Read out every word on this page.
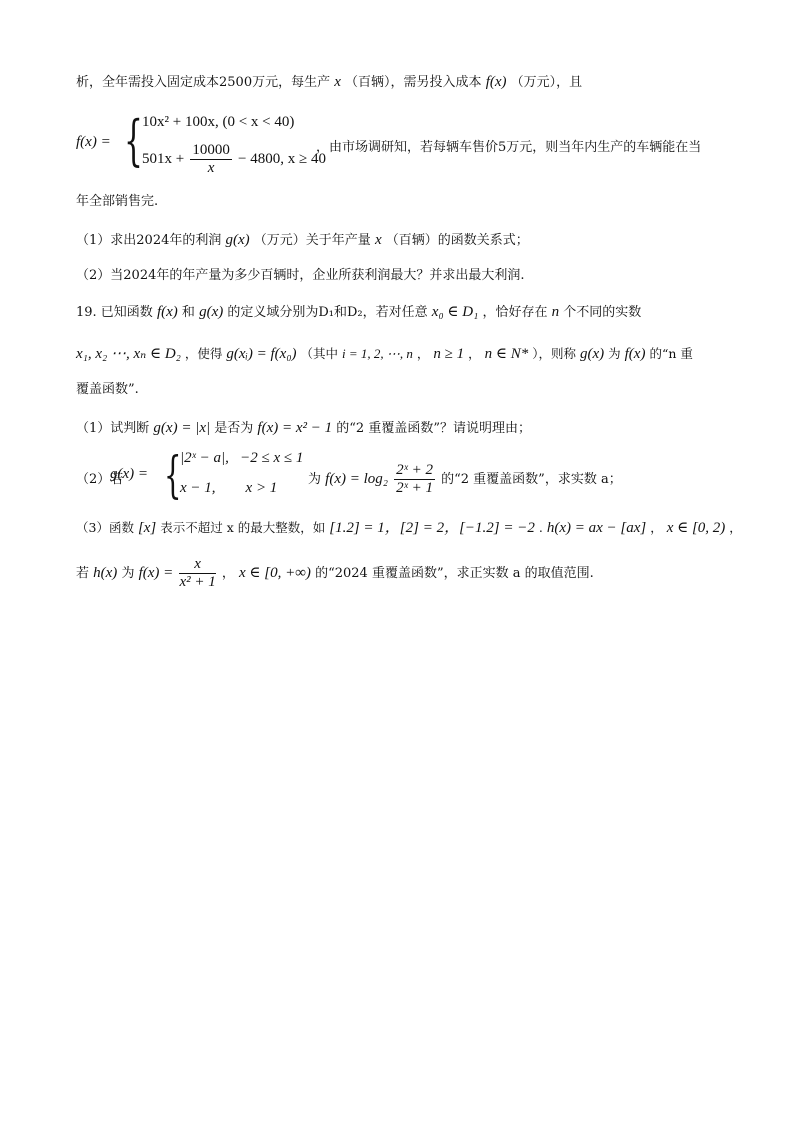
析，全年需投入固定成本2500万元，每生产 x （百辆），需另投入成本 f(x) （万元），且
f(x) = { 10x² + 100x, (0 < x < 40)
$501x + \frac{10000}{x} - 4800$, x ≥ 40
，由市场调研知，若每辆车售价5万元，则当年内生产的车辆能在当
年全部销售完.
（1）求出2024年的利润 g(x) （万元）关于年产量 x （百辆）的函数关系式；
（2）当2024年的年产量为多少百辆时，企业所获利润最大？并求出最大利润.
19. 已知函数 f(x) 和 g(x) 的定义域分别为D₁和D₂，若对任意 x₀ ∈ D₁ ，恰好存在 n 个不同的实数
x₁, x₂ ⋯, xₙ ∈ D₂ ，使得 g(xᵢ) = f(x₀) （其中 i = 1, 2, ⋯, n ， n ≥ 1 ， n ∈ N* ），则称 g(x) 为 f(x) 的“n 重
覆盖函数”.
（1）试判断 g(x) = |x| 是否为 f(x) = x² − 1 的“2 重覆盖函数”？请说明理由；
（2）若
g(x) = {
|2ˣ − a|,   −2 ≤ x ≤ 1
x − 1,        x > 1
为 $f(x) = \log_2 \frac{\text{2ˣ + 2}}{\text{2ˣ + 1}}$ 的“2 重覆盖函数”，求实数 a；
（3）函数 [x] 表示不超过 x 的最大整数，如 [1.2] = 1，[2] = 2，[−1.2] = −2 . h(x) = ax − [ax] ， x ∈ [0, 2) ，
若 h(x) 为 $f(x) = \frac{x}{\text{x² + 1}}$ ， x ∈ [0, +∞) 的“2024 重覆盖函数”，求正实数 a 的取值范围.
